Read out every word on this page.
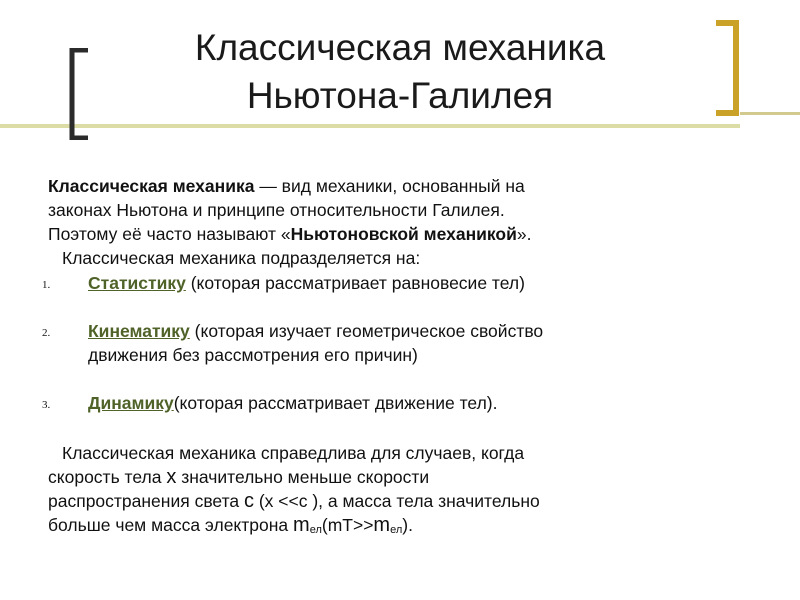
Классическая механика
Ньютона-Галилея
Классическая механика — вид механики, основанный на
законах Ньютона и принципе относительности Галилея.
Поэтому её часто называют «Ньютоновской механикой».
Классическая механика подразделяется на:
1. Статистику (которая рассматривает равновесие тел)
2. Кинематику (которая изучает геометрическое свойство
движения без рассмотрения его причин)
3. Динамику(которая рассматривает движение тел).
Классическая механика справедлива для случаев, когда
скорость тела x значительно меньше скорости
распространения света c (x <<c ), а масса тела значительно
больше чем масса электрона mел(mT>>mел).
